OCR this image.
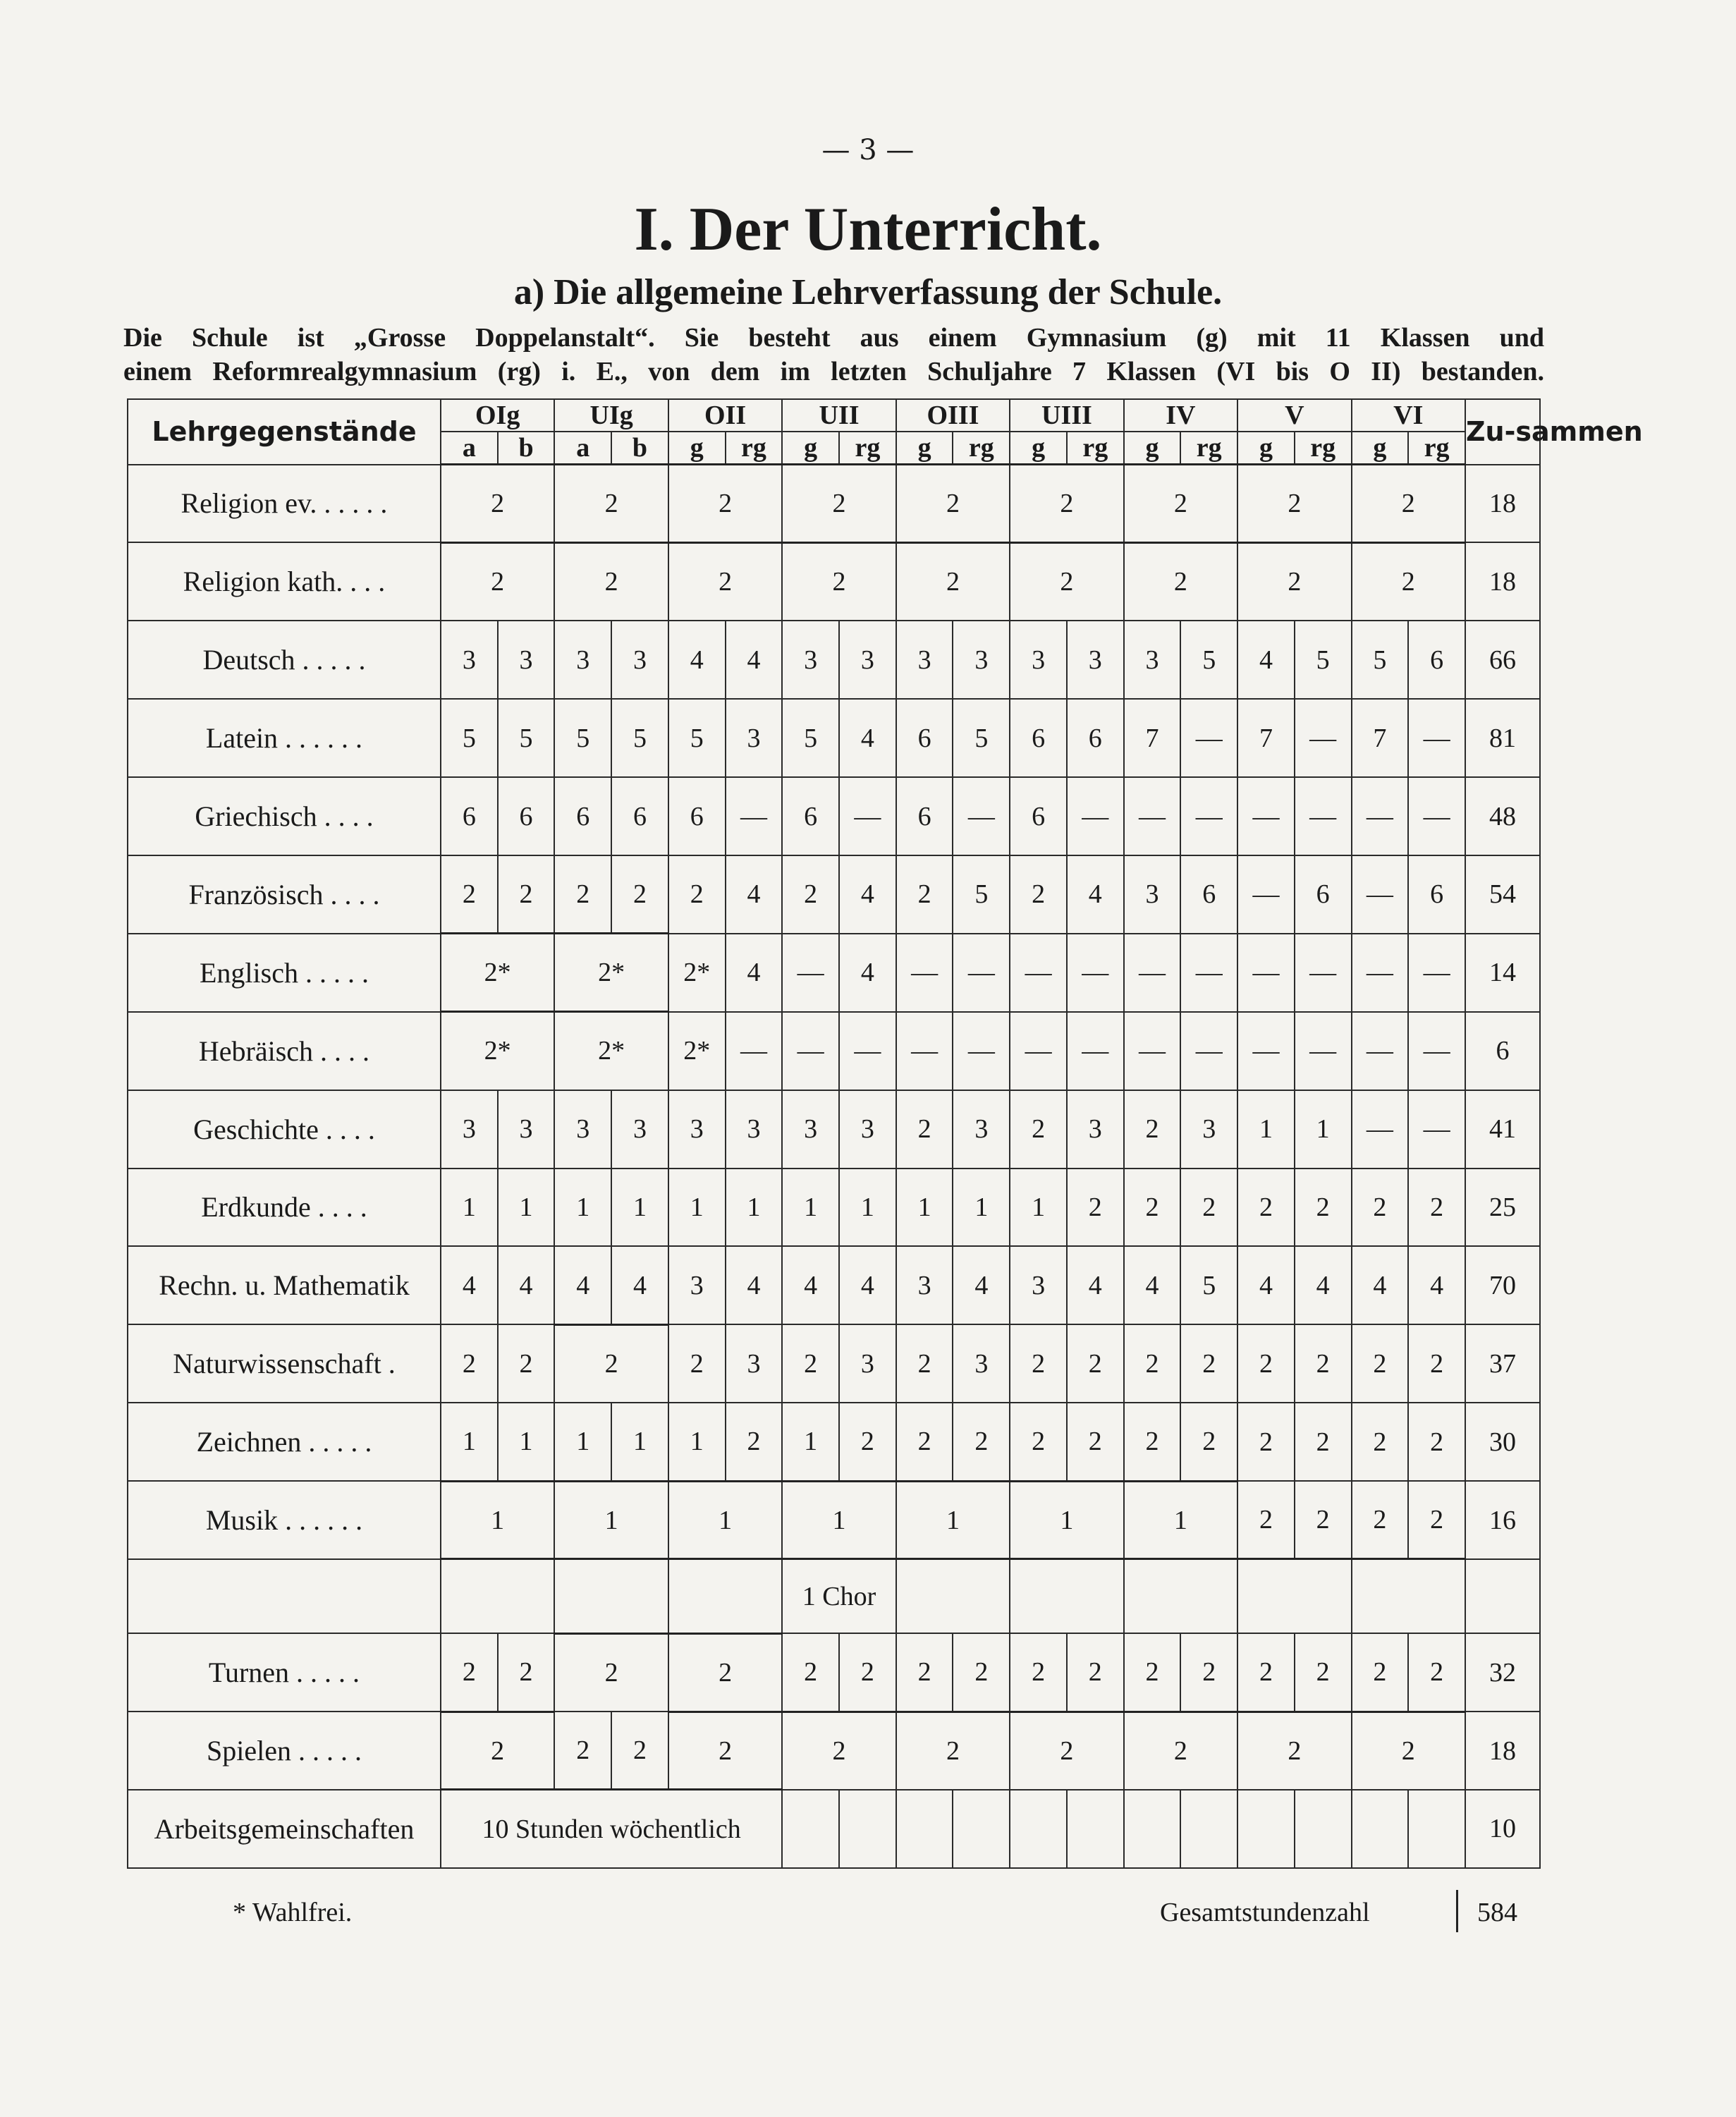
— 3 —
I. Der Unterricht.
a) Die allgemeine Lehrverfassung der Schule.

Die Schule ist „Grosse Doppelanstalt“. Sie besteht aus einem Gymnasium (g) mit 11 Klassen und

einem Reformrealgymnasium (rg) i. E., von dem im letzten Schuljahre 7 Klassen (VI bis O II) bestanden.

Lehrgegenstände	OIg		UIg		OII		UII		OIII		UIII		IV		V		VI		Zu-sammen
	a	b	a	b	g	rg	g	rg	g	rg	g	rg	g	rg	g	rg	g	rg	
Religion ev. . . . . .	2		2		2		2		2		2		2		2		2		18
Religion kath. . . .	2		2		2		2		2		2		2		2		2		18
Deutsch . . . . .	3	3	3	3	4	4	3	3	3	3	3	3	3	5	4	5	5	6	66
Latein . . . . . .	5	5	5	5	5	3	5	4	6	5	6	6	7	—	7	—	7	—	81
Griechisch . . . .	6	6	6	6	6	—	6	—	6	—	6	—	—	—	—	—	—	—	48
Französisch . . . .	2	2	2	2	2	4	2	4	2	5	2	4	3	6	—	6	—	6	54
Englisch . . . . .	2*		2*		2*	4	—	4	—	—	—	—	—	—	—	—	—	—	14
Hebräisch . . . .	2*		2*		2*	—	—	—	—	—	—	—	—	—	—	—	—	—	6
Geschichte . . . .	3	3	3	3	3	3	3	3	2	3	2	3	2	3	1	1	—	—	41
Erdkunde . . . .	1	1	1	1	1	1	1	1	1	1	1	2	2	2	2	2	2	2	25
Rechn. u. Mathematik	4	4	4	4	3	4	4	4	3	4	3	4	4	5	4	4	4	4	70
Naturwissenschaft .	2	2	2		2	3	2	3	2	3	2	2	2	2	2	2	2	2	37
Zeichnen . . . . .	1	1	1	1	1	2	1	2	2	2	2	2	2	2	2	2	2	2	30
Musik . . . . . .	1		1		1		1		1		1		1		2	2	2	2	16
							1 Chor												
Turnen . . . . .	2	2	2		2		2	2	2	2	2	2	2	2	2	2	2	2	32
Spielen . . . . .	2		2	2	2		2		2		2		2		2		2		18
Arbeitsgemeinschaften	10 Stunden wöchentlich																		10
* Wahlfrei.	Gesamtstundenzahl	584
